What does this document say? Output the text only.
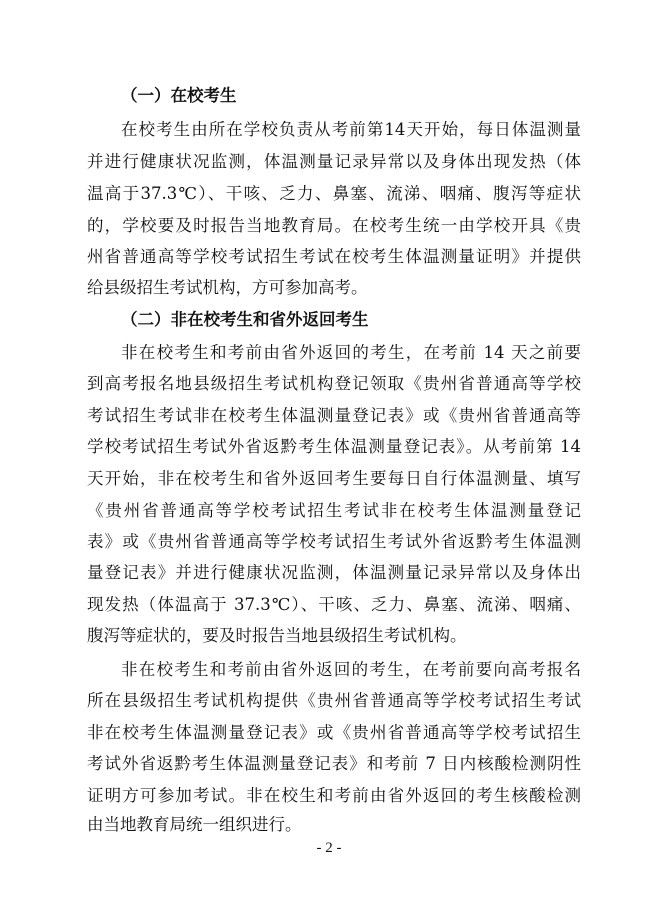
（一）在校考生
在校考生由所在学校负责从考前第14天开始，每日体温测量
并进行健康状况监测，体温测量记录异常以及身体出现发热（体
温高于37.3℃）、干咳、乏力、鼻塞、流涕、咽痛、腹泻等症状
的，学校要及时报告当地教育局。在校考生统一由学校开具《贵
州省普通高等学校考试招生考试在校考生体温测量证明》并提供
给县级招生考试机构，方可参加高考。
（二）非在校考生和省外返回考生
非在校考生和考前由省外返回的考生，在考前 14 天之前要
到高考报名地县级招生考试机构登记领取《贵州省普通高等学校
考试招生考试非在校考生体温测量登记表》或《贵州省普通高等
学校考试招生考试外省返黔考生体温测量登记表》。从考前第 14
天开始，非在校考生和省外返回考生要每日自行体温测量、填写
《贵州省普通高等学校考试招生考试非在校考生体温测量登记
表》或《贵州省普通高等学校考试招生考试外省返黔考生体温测
量登记表》并进行健康状况监测，体温测量记录异常以及身体出
现发热（体温高于 37.3℃）、干咳、乏力、鼻塞、流涕、咽痛、
腹泻等症状的，要及时报告当地县级招生考试机构。
非在校考生和考前由省外返回的考生，在考前要向高考报名
所在县级招生考试机构提供《贵州省普通高等学校考试招生考试
非在校考生体温测量登记表》或《贵州省普通高等学校考试招生
考试外省返黔考生体温测量登记表》和考前 7 日内核酸检测阴性
证明方可参加考试。非在校生和考前由省外返回的考生核酸检测
由当地教育局统一组织进行。
- 2 -
